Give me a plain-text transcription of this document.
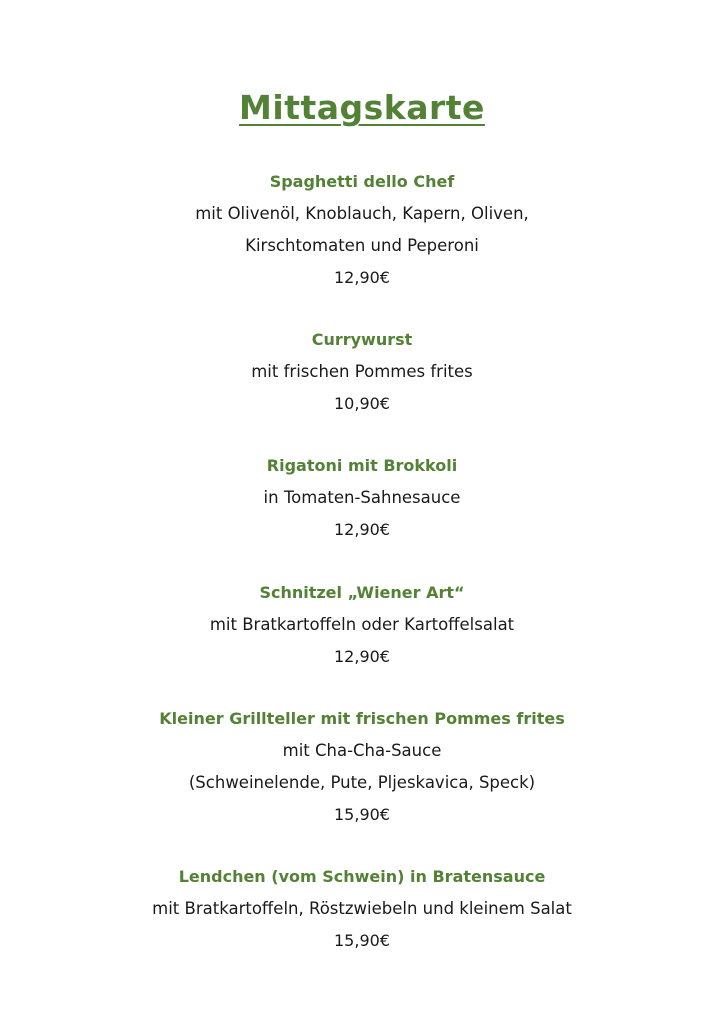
Mittagskarte

Spaghetti dello Chef

mit Olivenöl, Knoblauch, Kapern, Oliven,

Kirschtomaten und Peperoni

12,90€

Currywurst

mit frischen Pommes frites

10,90€

Rigatoni mit Brokkoli

in Tomaten-Sahnesauce

12,90€

Schnitzel „Wiener Art“

mit Bratkartoffeln oder Kartoffelsalat

12,90€

Kleiner Grillteller mit frischen Pommes frites

mit Cha-Cha-Sauce

(Schweinelende, Pute, Pljeskavica, Speck)

15,90€

Lendchen (vom Schwein) in Bratensauce

mit Bratkartoffeln, Röstzwiebeln und kleinem Salat

15,90€
